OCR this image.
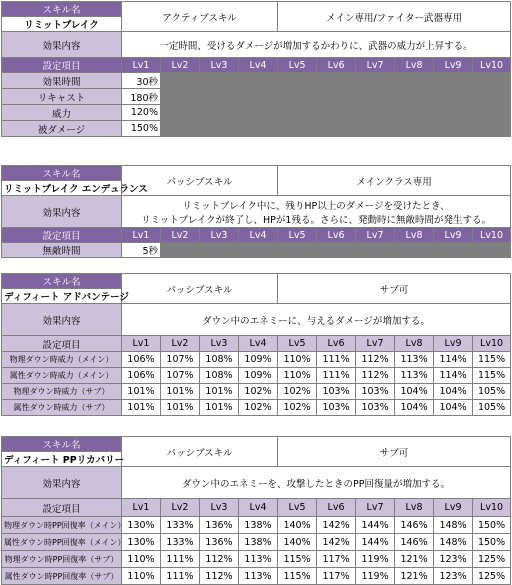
スキル名	アクティブスキル				メイン専用/ファイター武器専用					
リミットブレイク										
効果内容	一定時間、受けるダメージが増加するかわりに、武器の威力が上昇する。									

設定項目	Lv1	Lv2	Lv3	Lv4	Lv5	Lv6	Lv7	Lv8	Lv9	Lv10
効果時間	30秒									
リキャスト	180秒									
威力	120%									
被ダメージ	150%									
スキル名	パッシブスキル				メインクラス専用					
リミットブレイク エンデュランス										
効果内容	リミットブレイク中に、残りHP以上のダメージを受けたとき、
リミットブレイクが終了し、HPが1残る。さらに、発動時に無敵時間が発生する。									

設定項目	Lv1	Lv2	Lv3	Lv4	Lv5	Lv6	Lv7	Lv8	Lv9	Lv10
無敵時間	5秒									
スキル名	パッシブスキル				サブ可					
ディフィート アドバンテージ										
効果内容	ダウン中のエネミーに、与えるダメージが増加する。									

設定項目	Lv1	Lv2	Lv3	Lv4	Lv5	Lv6	Lv7	Lv8	Lv9	Lv10
物理ダウン時威力（メイン）	106%	107%	108%	109%	110%	111%	112%	113%	114%	115%
属性ダウン時威力（メイン）	106%	107%	108%	109%	110%	111%	112%	113%	114%	115%
物理ダウン時威力（サブ）	101%	101%	101%	102%	102%	103%	103%	104%	104%	105%
属性ダウン時威力（サブ）	101%	101%	101%	102%	102%	103%	103%	104%	104%	105%
スキル名	パッシブスキル				サブ可					
ディフィート PPリカバリー										
効果内容	ダウン中のエネミーを、攻撃したときのPP回復量が増加する。									

設定項目	Lv1	Lv2	Lv3	Lv4	Lv5	Lv6	Lv7	Lv8	Lv9	Lv10
物理ダウン時PP回復率（メイン）	130%	133%	136%	138%	140%	142%	144%	146%	148%	150%
属性ダウン時PP回復率（メイン）	130%	133%	136%	138%	140%	142%	144%	146%	148%	150%
物理ダウン時PP回復率（サブ）	110%	111%	112%	113%	115%	117%	119%	121%	123%	125%
属性ダウン時PP回復率（サブ）	110%	111%	112%	113%	115%	117%	119%	121%	123%	125%
